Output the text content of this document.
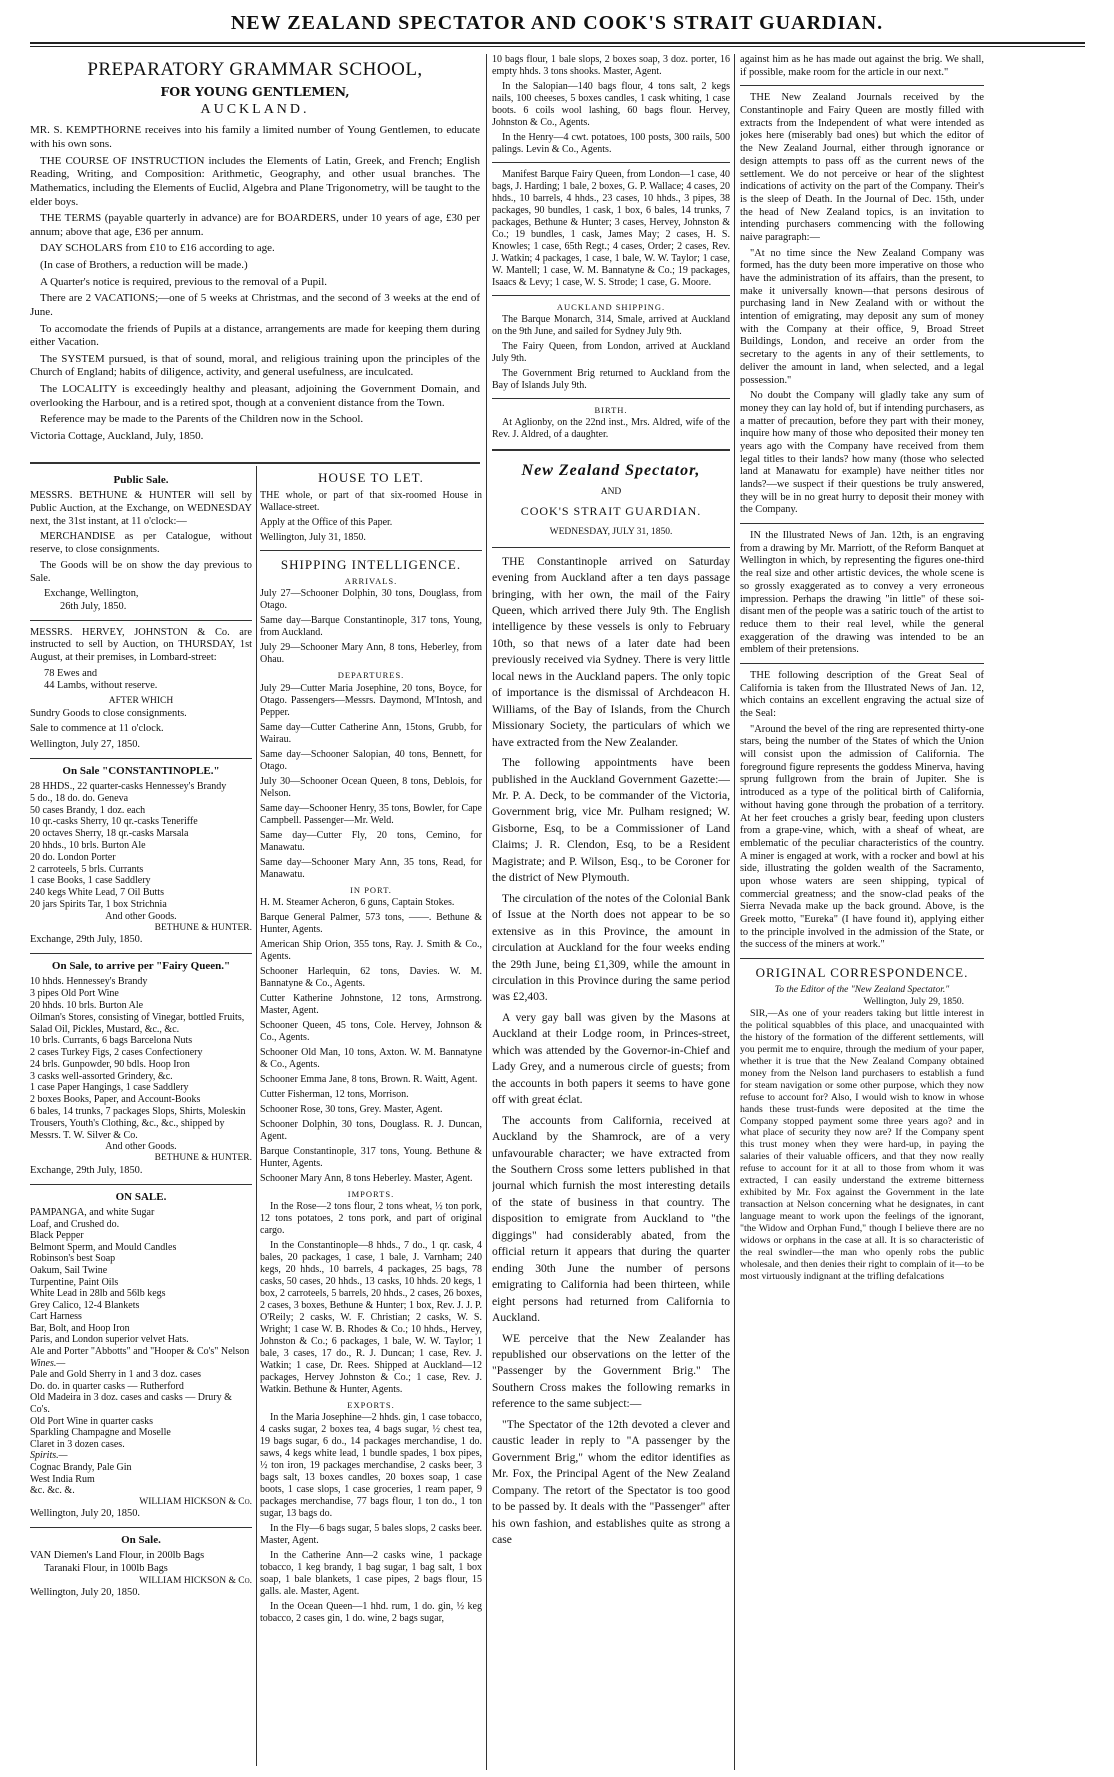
NEW ZEALAND SPECTATOR AND COOK'S STRAIT GUARDIAN.
PREPARATORY GRAMMAR SCHOOL,
FOR YOUNG GENTLEMEN,
AUCKLAND.

MR. S. KEMPTHORNE receives into his family a limited number of Young Gentlemen, to educate with his own sons.

THE COURSE OF INSTRUCTION includes the Elements of Latin, Greek, and French; English Reading, Writing, and Composition: Arithmetic, Geography, and other usual branches. The Mathematics, including the Elements of Euclid, Algebra and Plane Trigonometry, will be taught to the elder boys.

THE TERMS (payable quarterly in advance) are for BOARDERS, under 10 years of age, £30 per annum; above that age, £36 per annum.

DAY SCHOLARS from £10 to £16 according to age.

(In case of Brothers, a reduction will be made.)

A Quarter's notice is required, previous to the removal of a Pupil.

There are 2 VACATIONS;—one of 5 weeks at Christmas, and the second of 3 weeks at the end of June.

To accomodate the friends of Pupils at a distance, arrangements are made for keeping them during either Vacation.

The SYSTEM pursued, is that of sound, moral, and religious training upon the principles of the Church of England; habits of diligence, activity, and general usefulness, are inculcated.

The LOCALITY is exceedingly healthy and pleasant, adjoining the Government Domain, and overlooking the Harbour, and is a retired spot, though at a convenient distance from the Town.

Reference may be made to the Parents of the Children now in the School.

Victoria Cottage, Auckland, July, 1850.

Public Sale.

MESSRS. BETHUNE & HUNTER will sell by Public Auction, at the Exchange, on WEDNESDAY next, the 31st instant, at 11 o'clock:—

MERCHANDISE as per Catalogue, without reserve, to close consignments.

The Goods will be on show the day previous to Sale.

Exchange, Wellington,
26th July, 1850.

MESSRS. HERVEY, JOHNSTON & Co. are instructed to sell by Auction, on THURSDAY, 1st August, at their premises, in Lombard-street:

78 Ewes and
44 Lambs, without reserve.
AFTER WHICH

Sundry Goods to close consignments.

Sale to commence at 11 o'clock.

Wellington, July 27, 1850.
On Sale "CONSTANTINOPLE."
28 HHDS., 22 quarter-casks Hennessey's Brandy
5 do., 18 do. do. Geneva
50 cases Brandy, 1 doz. each
10 qr.-casks Sherry, 10 qr.-casks Teneriffe
20 octaves Sherry, 18 qr.-casks Marsala
20 hhds., 10 brls. Burton Ale
20 do. London Porter
2 carroteels, 5 brls. Currants
1 case Books, 1 case Saddlery
240 kegs White Lead, 7 Oil Butts
20 jars Spirits Tar, 1 box Strichnia
And other Goods.
BETHUNE & HUNTER.
Exchange, 29th July, 1850.
On Sale, to arrive per "Fairy Queen."
10 hhds. Hennessey's Brandy
3 pipes Old Port Wine
20 hhds. 10 brls. Burton Ale
Oilman's Stores, consisting of Vinegar, bottled Fruits, Salad Oil, Pickles, Mustard, &c., &c.
10 brls. Currants, 6 bags Barcelona Nuts
2 cases Turkey Figs, 2 cases Confectionery
24 brls. Gunpowder, 90 bdls. Hoop Iron
3 casks well-assorted Grindery, &c.
1 case Paper Hangings, 1 case Saddlery
2 boxes Books, Paper, and Account-Books
6 bales, 14 trunks, 7 packages Slops, Shirts, Moleskin Trousers, Youth's Clothing, &c., &c., shipped by Messrs. T. W. Silver & Co.
And other Goods.
BETHUNE & HUNTER.
Exchange, 29th July, 1850.
ON SALE.
PAMPANGA, and white Sugar
Loaf, and Crushed do.
Black Pepper
Belmont Sperm, and Mould Candles
Robinson's best Soap
Oakum, Sail Twine
Turpentine, Paint Oils
White Lead in 28lb and 56lb kegs
Grey Calico, 12-4 Blankets
Cart Harness
Bar, Bolt, and Hoop Iron
Paris, and London superior velvet Hats.
Ale and Porter "Abbotts" and "Hooper & Co's" Nelson
Wines.—
Pale and Gold Sherry in 1 and 3 doz. cases
Do. do. in quarter casks — Rutherford
Old Madeira in 3 doz. cases and casks — Drury & Co's.
Old Port Wine in quarter casks
Sparkling Champagne and Moselle
Claret in 3 dozen cases.
Spirits.—
Cognac Brandy, Pale Gin
West India Rum
&c. &c. &.
WILLIAM HICKSON & Co.
Wellington, July 20, 1850.
On Sale.
VAN Diemen's Land Flour, in 200lb Bags
Taranaki Flour, in 100lb Bags
WILLIAM HICKSON & Co.
Wellington, July 20, 1850.
HOUSE TO LET.

THE whole, or part of that six-roomed House in Wallace-street.

Apply at the Office of this Paper.

Wellington, July 31, 1850.
SHIPPING INTELLIGENCE.
ARRIVALS.

July 27—Schooner Dolphin, 30 tons, Douglass, from Otago.

Same day—Barque Constantinople, 317 tons, Young, from Auckland.

July 29—Schooner Mary Ann, 8 tons, Heberley, from Ohau.

DEPARTURES.

July 29—Cutter Maria Josephine, 20 tons, Boyce, for Otago. Passengers—Messrs. Daymond, M'Intosh, and Pepper.

Same day—Cutter Catherine Ann, 15tons, Grubb, for Wairau.

Same day—Schooner Salopian, 40 tons, Bennett, for Otago.

July 30—Schooner Ocean Queen, 8 tons, Deblois, for Nelson.

Same day—Schooner Henry, 35 tons, Bowler, for Cape Campbell. Passenger—Mr. Weld.

Same day—Cutter Fly, 20 tons, Cemino, for Manawatu.

Same day—Schooner Mary Ann, 35 tons, Read, for Manawatu.

IN PORT.

H. M. Steamer Acheron, 6 guns, Captain Stokes.

Barque General Palmer, 573 tons, ——. Bethune & Hunter, Agents.

American Ship Orion, 355 tons, Ray. J. Smith & Co., Agents.

Schooner Harlequin, 62 tons, Davies. W. M. Bannatyne & Co., Agents.

Cutter Katherine Johnstone, 12 tons, Armstrong. Master, Agent.

Schooner Queen, 45 tons, Cole. Hervey, Johnson & Co., Agents.

Schooner Old Man, 10 tons, Axton. W. M. Bannatyne & Co., Agents.

Schooner Emma Jane, 8 tons, Brown. R. Waitt, Agent.

Cutter Fisherman, 12 tons, Morrison.

Schooner Rose, 30 tons, Grey. Master, Agent.

Schooner Dolphin, 30 tons, Douglass. R. J. Duncan, Agent.

Barque Constantinople, 317 tons, Young. Bethune & Hunter, Agents.

Schooner Mary Ann, 8 tons Heberley. Master, Agent.

IMPORTS.

In the Rose—2 tons flour, 2 tons wheat, ½ ton pork, 12 tons potatoes, 2 tons pork, and part of original cargo.

In the Constantinople—8 hhds., 7 do., 1 qr. cask, 4 bales, 20 packages, 1 case, 1 bale, J. Varnham; 240 kegs, 20 hhds., 10 barrels, 4 packages, 25 bags, 78 casks, 50 cases, 20 hhds., 13 casks, 10 hhds. 20 kegs, 1 box, 2 carroteels, 5 barrels, 20 hhds., 2 cases, 26 boxes, 2 cases, 3 boxes, Bethune & Hunter; 1 box, Rev. J. J. P. O'Reily; 2 casks, W. F. Christian; 2 casks, W. S. Wright; 1 case W. B. Rhodes & Co.; 10 hhds., Hervey, Johnston & Co.; 6 packages, 1 bale, W. W. Taylor; 1 bale, 3 cases, 17 do., R. J. Duncan; 1 case, Rev. J. Watkin; 1 case, Dr. Rees. Shipped at Auckland—12 packages, Hervey Johnston & Co.; 1 case, Rev. J. Watkin. Bethune & Hunter, Agents.

EXPORTS.

In the Maria Josephine—2 hhds. gin, 1 case tobacco, 4 casks sugar, 2 boxes tea, 4 bags sugar, ½ chest tea, 19 bags sugar, 6 do., 14 packages merchandise, 1 do. saws, 4 kegs white lead, 1 bundle spades, 1 box pipes, ½ ton iron, 19 packages merchandise, 2 casks beer, 3 bags salt, 13 boxes candles, 20 boxes soap, 1 case boots, 1 case slops, 1 case groceries, 1 ream paper, 9 packages merchandise, 77 bags flour, 1 ton do., 1 ton sugar, 13 bags do.

In the Fly—6 bags sugar, 5 bales slops, 2 casks beer. Master, Agent.

In the Catherine Ann—2 casks wine, 1 package tobacco, 1 keg brandy, 1 bag sugar, 1 bag salt, 1 box soap, 1 bale blankets, 1 case pipes, 2 bags flour, 15 galls. ale. Master, Agent.

In the Ocean Queen—1 hhd. rum, 1 do. gin, ½ keg tobacco, 2 cases gin, 1 do. wine, 2 bags sugar,

10 bags flour, 1 bale slops, 2 boxes soap, 3 doz. porter, 16 empty hhds. 3 tons shooks. Master, Agent.

In the Salopian—140 bags flour, 4 tons salt, 2 kegs nails, 100 cheeses, 5 boxes candles, 1 cask whiting, 1 case boots. 6 coils wool lashing, 60 bags flour. Hervey, Johnston & Co., Agents.

In the Henry—4 cwt. potatoes, 100 posts, 300 rails, 500 palings. Levin & Co., Agents.

Manifest Barque Fairy Queen, from London—1 case, 40 bags, J. Harding; 1 bale, 2 boxes, G. P. Wallace; 4 cases, 20 hhds., 10 barrels, 4 hhds., 23 cases, 10 hhds., 3 pipes, 38 packages, 90 bundles, 1 cask, 1 box, 6 bales, 14 trunks, 7 packages, Bethune & Hunter; 3 cases, Hervey, Johnston & Co.; 19 bundles, 1 cask, James May; 2 cases, H. S. Knowles; 1 case, 65th Regt.; 4 cases, Order; 2 cases, Rev. J. Watkin; 4 packages, 1 case, 1 bale, W. W. Taylor; 1 case, W. Mantell; 1 case, W. M. Bannatyne & Co.; 19 packages, Isaacs & Levy; 1 case, W. S. Strode; 1 case, G. Moore.

AUCKLAND SHIPPING.

The Barque Monarch, 314, Smale, arrived at Auckland on the 9th June, and sailed for Sydney July 9th.

The Fairy Queen, from London, arrived at Auckland July 9th.

The Government Brig returned to Auckland from the Bay of Islands July 9th.

BIRTH.

At Aglionby, on the 22nd inst., Mrs. Aldred, wife of the Rev. J. Aldred, of a daughter.

New Zealand Spectator,
AND
COOK'S STRAIT GUARDIAN.
WEDNESDAY, JULY 31, 1850.

THE Constantinople arrived on Saturday evening from Auckland after a ten days passage bringing, with her own, the mail of the Fairy Queen, which arrived there July 9th. The English intelligence by these vessels is only to February 10th, so that news of a later date had been previously received via Sydney. There is very little local news in the Auckland papers. The only topic of importance is the dismissal of Archdeacon H. Williams, of the Bay of Islands, from the Church Missionary Society, the particulars of which we have extracted from the New Zealander.

The following appointments have been published in the Auckland Government Gazette:—Mr. P. A. Deck, to be commander of the Victoria, Government brig, vice Mr. Pulham resigned; W. Gisborne, Esq, to be a Commissioner of Land Claims; J. R. Clendon, Esq, to be a Resident Magistrate; and P. Wilson, Esq., to be Coroner for the district of New Plymouth.

The circulation of the notes of the Colonial Bank of Issue at the North does not appear to be so extensive as in this Province, the amount in circulation at Auckland for the four weeks ending the 29th June, being £1,309, while the amount in circulation in this Province during the same period was £2,403.

A very gay ball was given by the Masons at Auckland at their Lodge room, in Princes-street, which was attended by the Governor-in-Chief and Lady Grey, and a numerous circle of guests; from the accounts in both papers it seems to have gone off with great éclat.

The accounts from California, received at Auckland by the Shamrock, are of a very unfavourable character; we have extracted from the Southern Cross some letters published in that journal which furnish the most interesting details of the state of business in that country. The disposition to emigrate from Auckland to "the diggings" had considerably abated, from the official return it appears that during the quarter ending 30th June the number of persons emigrating to California had been thirteen, while eight persons had returned from California to Auckland.

WE perceive that the New Zealander has republished our observations on the letter of the "Passenger by the Government Brig." The Southern Cross makes the following remarks in reference to the same subject:—

"The Spectator of the 12th devoted a clever and caustic leader in reply to "A passenger by the Government Brig," whom the editor identifies as Mr. Fox, the Principal Agent of the New Zealand Company. The retort of the Spectator is too good to be passed by. It deals with the "Passenger" after his own fashion, and establishes quite as strong a case

against him as he has made out against the brig. We shall, if possible, make room for the article in our next."

THE New Zealand Journals received by the Constantinople and Fairy Queen are mostly filled with extracts from the Independent of what were intended as jokes here (miserably bad ones) but which the editor of the New Zealand Journal, either through ignorance or design attempts to pass off as the current news of the settlement. We do not perceive or hear of the slightest indications of activity on the part of the Company. Their's is the sleep of Death. In the Journal of Dec. 15th, under the head of New Zealand topics, is an invitation to intending purchasers commencing with the following naive paragraph:—

"At no time since the New Zealand Company was formed, has the duty been more imperative on those who have the administration of its affairs, than the present, to make it universally known—that persons desirous of purchasing land in New Zealand with or without the intention of emigrating, may deposit any sum of money with the Company at their office, 9, Broad Street Buildings, London, and receive an order from the secretary to the agents in any of their settlements, to deliver the amount in land, when selected, and a legal possession."

No doubt the Company will gladly take any sum of money they can lay hold of, but if intending purchasers, as a matter of precaution, before they part with their money, inquire how many of those who deposited their money ten years ago with the Company have received from them legal titles to their lands? how many (those who selected land at Manawatu for example) have neither titles nor lands?—we suspect if their questions be truly answered, they will be in no great hurry to deposit their money with the Company.

IN the Illustrated News of Jan. 12th, is an engraving from a drawing by Mr. Marriott, of the Reform Banquet at Wellington in which, by representing the figures one-third the real size and other artistic devices, the whole scene is so grossly exaggerated as to convey a very erroneous impression. Perhaps the drawing "in little" of these soi-disant men of the people was a satiric touch of the artist to reduce them to their real level, while the general exaggeration of the drawing was intended to be an emblem of their pretensions.

THE following description of the Great Seal of California is taken from the Illustrated News of Jan. 12, which contains an excellent engraving the actual size of the Seal:

"Around the bevel of the ring are represented thirty-one stars, being the number of the States of which the Union will consist upon the admission of California. The foreground figure represents the goddess Minerva, having sprung fullgrown from the brain of Jupiter. She is introduced as a type of the political birth of California, without having gone through the probation of a territory. At her feet crouches a grisly bear, feeding upon clusters from a grape-vine, which, with a sheaf of wheat, are emblematic of the peculiar characteristics of the country. A miner is engaged at work, with a rocker and bowl at his side, illustrating the golden wealth of the Sacramento, upon whose waters are seen shipping, typical of commercial greatness; and the snow-clad peaks of the Sierra Nevada make up the back ground. Above, is the Greek motto, "Eureka" (I have found it), applying either to the principle involved in the admission of the State, or the success of the miners at work."

ORIGINAL CORRESPONDENCE.
To the Editor of the "New Zealand Spectator."
Wellington, July 29, 1850.

SIR,—As one of your readers taking but little interest in the political squabbles of this place, and unacquainted with the history of the formation of the different settlements, will you permit me to enquire, through the medium of your paper, whether it is true that the New Zealand Company obtained money from the Nelson land purchasers to establish a fund for steam navigation or some other purpose, which they now refuse to account for? Also, I would wish to know in whose hands these trust-funds were deposited at the time the Company stopped payment some three years ago? and in what place of security they now are? If the Company spent this trust money when they were hard-up, in paying the salaries of their valuable officers, and that they now really refuse to account for it at all to those from whom it was extracted, I can easily understand the extreme bitterness exhibited by Mr. Fox against the Government in the late transaction at Nelson concerning what he designates, in cant language meant to work upon the feelings of the ignorant, "the Widow and Orphan Fund," though I believe there are no widows or orphans in the case at all. It is so characteristic of the real swindler—the man who openly robs the public wholesale, and then denies their right to complain of it—to be most virtuously indignant at the trifling defalcations
